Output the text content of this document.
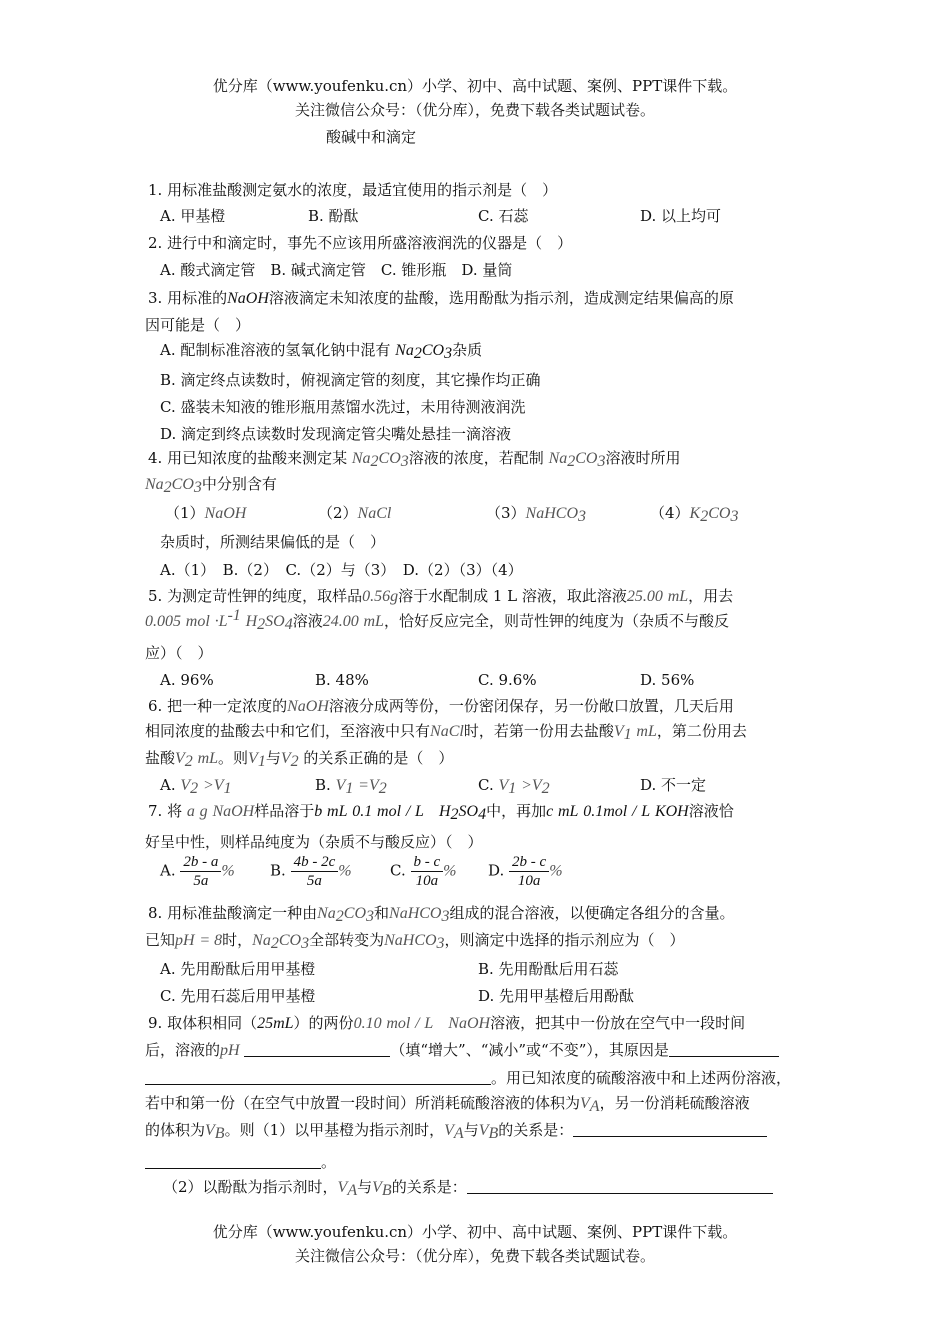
优分库（www.youfenku.cn）小学、初中、高中试题、案例、PPT课件下载。
关注微信公众号：（优分库），免费下载各类试题试卷。
酸碱中和滴定
1. 用标准盐酸测定氨水的浓度，最适宜使用的指示剂是（　）
A. 甲基橙	B. 酚酞	C. 石蕊	D. 以上均可
2. 进行中和滴定时，事先不应该用所盛溶液润洗的仪器是（　）
A. 酸式滴定管　B. 碱式滴定管　C. 锥形瓶　D. 量筒
3. 用标准的NaOH溶液滴定未知浓度的盐酸，选用酚酞为指示剂，造成测定结果偏高的原
因可能是（　）
A. 配制标准溶液的氢氧化钠中混有 $Na_2CO_3$杂质
B. 滴定终点读数时，俯视滴定管的刻度，其它操作均正确
C. 盛装未知液的锥形瓶用蒸馏水洗过，未用待测液润洗
D. 滴定到终点读数时发现滴定管尖嘴处悬挂一滴溶液
4. 用已知浓度的盐酸来测定某 $Na_2CO_3$溶液的浓度，若配制 $Na_2CO_3$溶液时所用
$Na_2CO_3$中分别含有
（1）NaOH	（2）NaCl	（3）NaHCO$_3$	$(4)K_2CO_3$
杂质时，所测结果偏低的是（　）
A.（1）　B.（2）　C.（2）与（3）　D.（2）（3）（4）
5. 为测定苛性钾的纯度，取样品0.56g溶于水配制成 1 L 溶液，取此溶液25.00 mL，用去
0.005 mol $\cdot L^{-1}$ $H_2SO_4$溶液24.00 mL，恰好反应完全，则苛性钾的纯度为（杂质不与酸反
应）（　）
A. 96%	B. 48%	C. 9.6%	D. 56%
6. 把一种一定浓度的NaOH溶液分成两等份，一份密闭保存，另一份敞口放置，几天后用
相同浓度的盐酸去中和它们，至溶液中只有NaCl时，若第一份用去盐酸$V_1$ mL，第二份用去
盐酸$V_2$ mL。则$V_1$与$V_2$ 的关系正确的是（　）
A. $V_2 >V_1$	B. $V_1 =V_2$	C. $V_1 >V_2$	D. 不一定
7. 将 a g NaOH样品溶于b mL 0.1 mol / L　 $H_2SO_4$中，再加c mL 0.1mol / L KOH溶液恰
好呈中性，则样品纯度为（杂质不与酸反应）（　）
A. $\frac{2b - a}{5a}$ % B. $\frac{4b - 2c}{5a}$ %	C. $\frac{b - c}{10a}$ % D. $\frac{2b - c}{10a}$ %
8. 用标准盐酸滴定一种由$Na_2CO_3$和NaHCO$_3$组成的混合溶液，以便确定各组分的含量。
已知pH = 8时，$Na_2CO_3$全部转变为NaHCO$_3$，则滴定中选择的指示剂应为（　）
A. 先用酚酞后用甲基橙	B. 先用酚酞后用石蕊
C. 先用石蕊后用甲基橙	D. 先用甲基橙后用酚酞
9. 取体积相同（25mL）的两份0.10 mol / L　 NaOH溶液，把其中一份放在空气中一段时间
后，溶液的pH	（填“增大”、“减小”或“不变”），其原因是
。用已知浓度的硫酸溶液中和上述两份溶液，
若中和第一份（在空气中放置一段时间）所消耗硫酸溶液的体积为$V_A$，另一份消耗硫酸溶液
的体积为$V_B$。则（1）以甲基橙为指示剂时，$V_A$与$V_B$的关系是：
。
（2）以酚酞为指示剂时，$V_A$与$V_B$的关系是：
优分库（www.youfenku.cn）小学、初中、高中试题、案例、PPT课件下载。
关注微信公众号：（优分库），免费下载各类试题试卷。
